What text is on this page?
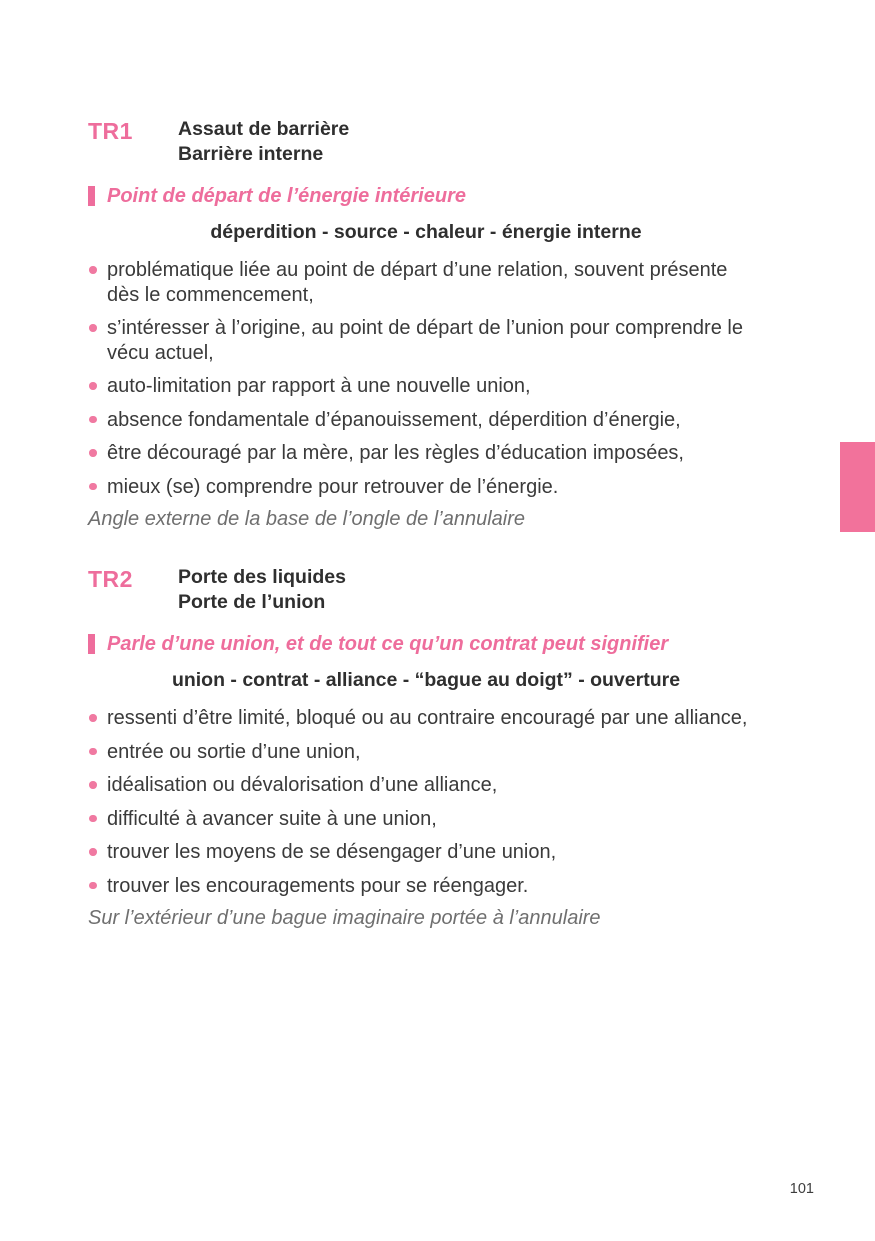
TR1	Assaut de barrière
Barrière interne
Point de départ de l’énergie intérieure
déperdition - source - chaleur - énergie interne
problématique liée au point de départ d’une relation, souvent présente dès le commencement,
s’intéresser à l’origine, au point de départ de l’union pour comprendre le vécu actuel,
auto-limitation par rapport à une nouvelle union,
absence fondamentale d’épanouissement, déperdition d’énergie,
être découragé par la mère, par les règles d’éducation imposées,
mieux (se) comprendre pour retrouver de l’énergie.
Angle externe de la base de l’ongle de l’annulaire
TR2	Porte des liquides
Porte de l’union
Parle d’une union, et de tout ce qu’un contrat peut signifier
union - contrat - alliance - “bague au doigt” - ouverture
ressenti d’être limité, bloqué ou au contraire encouragé par une alliance,
entrée ou sortie d’une union,
idéalisation ou dévalorisation d’une alliance,
difficulté à avancer suite à une union,
trouver les moyens de se désengager d’une union,
trouver les encouragements pour se réengager.
Sur l’extérieur d’une bague imaginaire portée à l’annulaire
101
